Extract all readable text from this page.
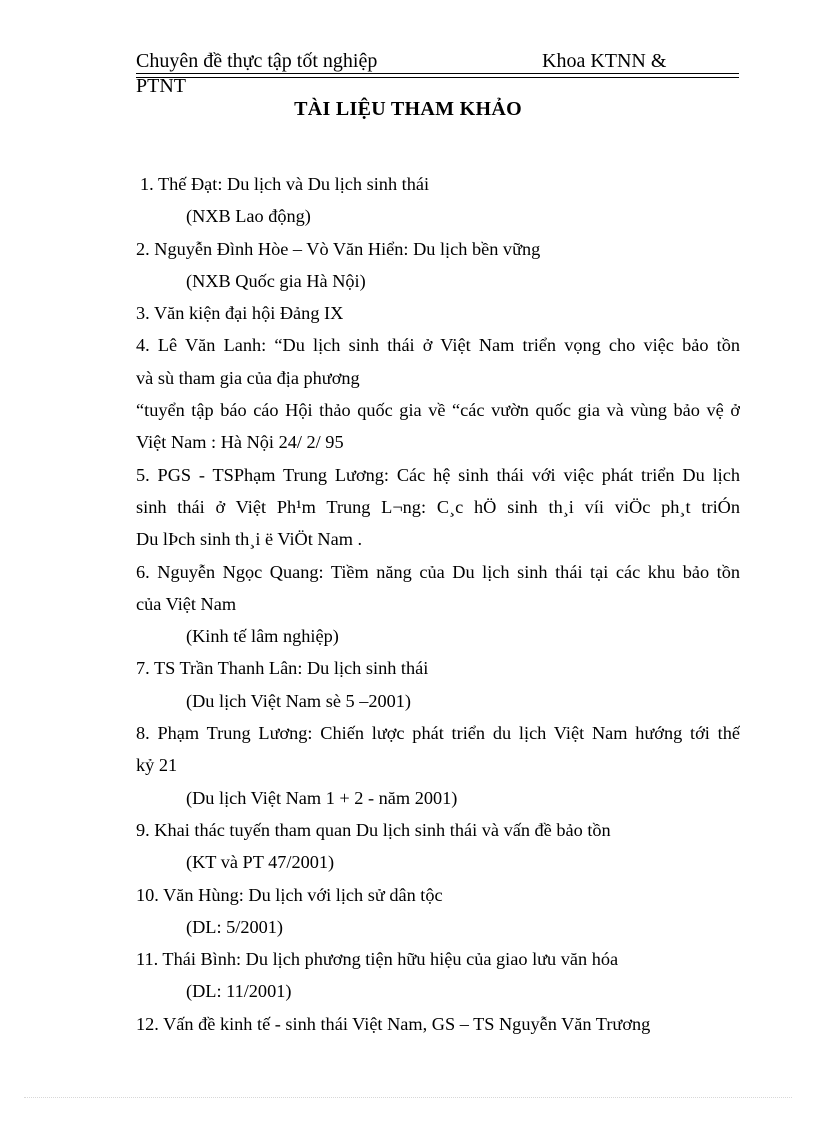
Chuyên đề thực tập tốt nghiệp	Khoa KTNN &
PTNT
TÀI LIỆU THAM KHẢO
1. Thế Đạt: Du lịch và Du lịch sinh thái
(NXB Lao động)
2. Nguyễn Đình Hòe – Vò Văn Hiển: Du lịch bền vững
(NXB Quốc gia Hà Nội)
3. Văn kiện đại hội Đảng IX
4. Lê Văn Lanh: “Du lịch sinh thái ở Việt Nam triển vọng cho việc bảo tồn
và sù tham gia của địa phương
“tuyển tập báo cáo Hội thảo quốc gia về “các vườn quốc gia và vùng bảo vệ ở
Việt Nam : Hà Nội 24/ 2/ 95
5. PGS - TSPhạm Trung Lương: Các hệ sinh thái với việc phát triển Du lịch
sinh thái ở Việt Ph¹m Trung L¬ng: C¸c hÖ sinh th¸i víi viÖc ph¸t triÓn
Du lÞch sinh th¸i ë ViÖt Nam .
6. Nguyễn Ngọc Quang: Tiềm năng của Du lịch sinh thái tại các khu bảo tồn
của Việt Nam
(Kinh tế lâm nghiệp)
7. TS Trần Thanh Lân: Du lịch sinh thái
(Du lịch Việt Nam sè 5 –2001)
8. Phạm Trung Lương: Chiến lược phát triển du lịch Việt Nam hướng tới thế
kỷ 21
(Du lịch Việt Nam 1 + 2 - năm 2001)
9. Khai thác tuyến tham quan Du lịch sinh thái và vấn đề bảo tồn
(KT và PT 47/2001)
10. Văn Hùng: Du lịch với lịch sử dân tộc
(DL: 5/2001)
11. Thái Bình: Du lịch phương tiện hữu hiệu của giao lưu văn hóa
(DL: 11/2001)
12. Vấn đề kinh tế - sinh thái Việt Nam, GS – TS Nguyễn Văn Trương
